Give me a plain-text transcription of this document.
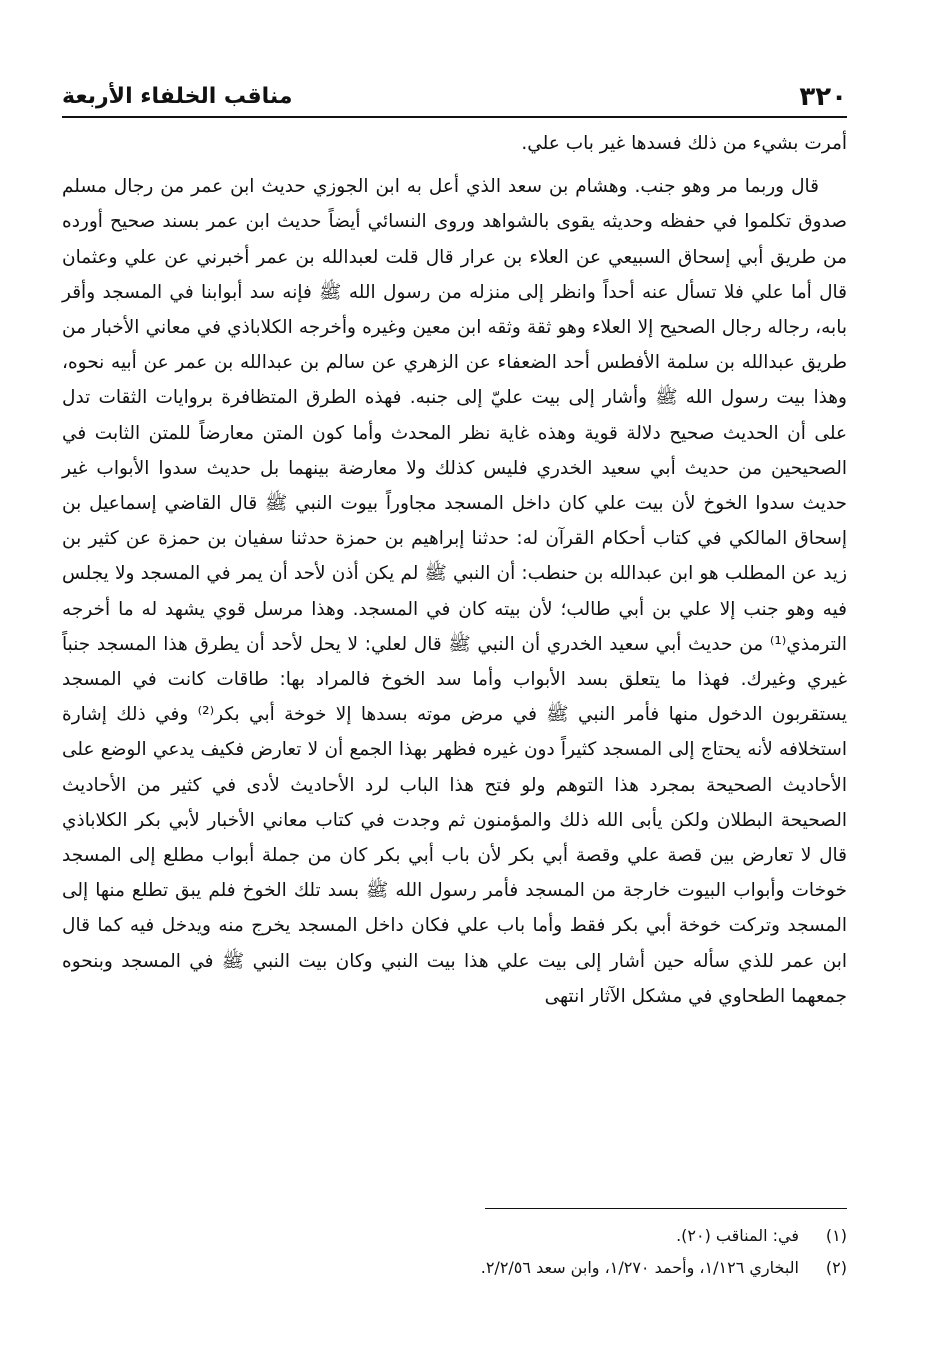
٣٢٠
مناقب الخلفاء الأربعة

أمرت بشيء من ذلك فسدها غير باب علي.

قال وربما مر وهو جنب. وهشام بن سعد الذي أعل به ابن الجوزي حديث ابن عمر من رجال مسلم صدوق تكلموا في حفظه وحديثه يقوى بالشواهد وروى النسائي أيضاً حديث ابن عمر بسند صحيح أورده من طريق أبي إسحاق السبيعي عن العلاء بن عرار قال قلت لعبدالله بن عمر أخبرني عن علي وعثمان قال أما علي فلا تسأل عنه أحداً وانظر إلى منزله من رسول الله ﷺ فإنه سد أبوابنا في المسجد وأقر بابه، رجاله رجال الصحيح إلا العلاء وهو ثقة وثقه ابن معين وغيره وأخرجه الكلاباذي في معاني الأخبار من طريق عبدالله بن سلمة الأفطس أحد الضعفاء عن الزهري عن سالم بن عبدالله بن عمر عن أبيه نحوه، وهذا بيت رسول الله ﷺ وأشار إلى بيت عليّ إلى جنبه. فهذه الطرق المتظافرة بروايات الثقات تدل على أن الحديث صحيح دلالة قوية وهذه غاية نظر المحدث وأما كون المتن معارضاً للمتن الثابت في الصحيحين من حديث أبي سعيد الخدري فليس كذلك ولا معارضة بينهما بل حديث سدوا الأبواب غير حديث سدوا الخوخ لأن بيت علي كان داخل المسجد مجاوراً بيوت النبي ﷺ قال القاضي إسماعيل بن إسحاق المالكي في كتاب أحكام القرآن له: حدثنا إبراهيم بن حمزة حدثنا سفيان بن حمزة عن كثير بن زيد عن المطلب هو ابن عبدالله بن حنطب: أن النبي ﷺ لم يكن أذن لأحد أن يمر في المسجد ولا يجلس فيه وهو جنب إلا علي بن أبي طالب؛ لأن بيته كان في المسجد. وهذا مرسل قوي يشهد له ما أخرجه الترمذي⁽¹⁾ من حديث أبي سعيد الخدري أن النبي ﷺ قال لعلي: لا يحل لأحد أن يطرق هذا المسجد جنباً غيري وغيرك. فهذا ما يتعلق بسد الأبواب وأما سد الخوخ فالمراد بها: طاقات كانت في المسجد يستقربون الدخول منها فأمر النبي ﷺ في مرض موته بسدها إلا خوخة أبي بكر⁽²⁾ وفي ذلك إشارة استخلافه لأنه يحتاج إلى المسجد كثيراً دون غيره فظهر بهذا الجمع أن لا تعارض فكيف يدعي الوضع على الأحاديث الصحيحة بمجرد هذا التوهم ولو فتح هذا الباب لرد الأحاديث لأدى في كثير من الأحاديث الصحيحة البطلان ولكن يأبى الله ذلك والمؤمنون ثم وجدت في كتاب معاني الأخبار لأبي بكر الكلاباذي قال لا تعارض بين قصة علي وقصة أبي بكر لأن باب أبي بكر كان من جملة أبواب مطلع إلى المسجد خوخات وأبواب البيوت خارجة من المسجد فأمر رسول الله ﷺ بسد تلك الخوخ فلم يبق تطلع منها إلى المسجد وتركت خوخة أبي بكر فقط وأما باب علي فكان داخل المسجد يخرج منه ويدخل فيه كما قال ابن عمر للذي سأله حين أشار إلى بيت علي هذا بيت النبي وكان بيت النبي ﷺ في المسجد وبنحوه جمعهما الطحاوي في مشكل الآثار انتهى

(١)
في: المناقب (٢٠).
(٢)
البخاري ١/١٢٦، وأحمد ١/٢٧٠، وابن سعد ٢/٢/٥٦.
